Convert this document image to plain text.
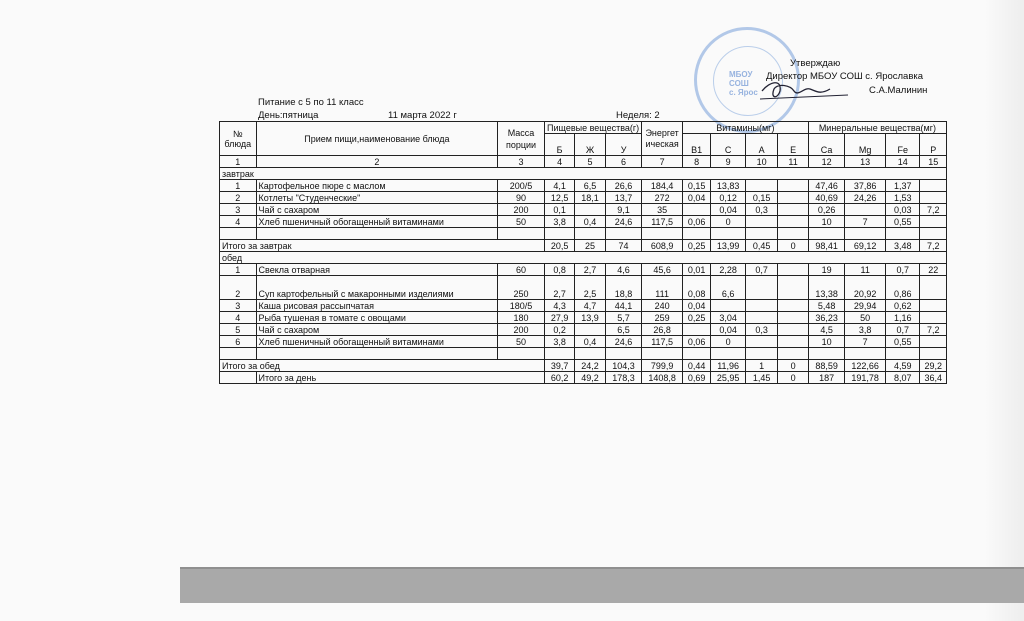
МБОУ
СОШ
с. Ярос
Утверждаю
Директор МБОУ СОШ с. Ярославка
С.А.Малинин
Питание с 5 по 11 класс
День:пятница	11 марта 2022 г	Неделя: 2
№ блюда	Прием пищи,наименование блюда	Масса порции	Пищевые вещества(г)			Энергетическая	Витамины(мг)				Минеральные вещества(мг)			
			Б	Ж	У		В1	С	А	Е	Са	Mg	Fe	P
1	2	3	4	5	6	7	8	9	10	11	12	13	14	15
завтрак														
1	Картофельное пюре с маслом	200/5	4,1	6,5	26,6	184,4	0,15	13,83			47,46	37,86	1,37	
2	Котлеты "Студенческие"	90	12,5	18,1	13,7	272	0,04	0,12	0,15		40,69	24,26	1,53	
3	Чай с сахаром	200	0,1		9,1	35		0,04	0,3		0,26		0,03	7,2
4	Хлеб пшеничный обогащенный витаминами	50	3,8	0,4	24,6	117,5	0,06	0			10	7	0,55	

Итого за завтрак			20,5	25	74	608,9	0,25	13,99	0,45	0	98,41	69,12	3,48	7,2
обед														
1	Свекла отварная	60	0,8	2,7	4,6	45,6	0,01	2,28	0,7		19	11	0,7	22
2	Суп картофельный с макаронными изделиями	250	2,7	2,5	18,8	111	0,08	6,6			13,38	20,92	0,86	
3	Каша рисовая рассыпчатая	180/5	4,3	4,7	44,1	240	0,04				5,48	29,94	0,62	
4	Рыба тушеная в томате с овощами	180	27,9	13,9	5,7	259	0,25	3,04			36,23	50	1,16	
5	Чай с сахаром	200	0,2		6,5	26,8		0,04	0,3		4,5	3,8	0,7	7,2
6	Хлеб пшеничный обогащенный витаминами	50	3,8	0,4	24,6	117,5	0,06	0			10	7	0,55	

Итого за обед			39,7	24,2	104,3	799,9	0,44	11,96	1	0	88,59	122,66	4,59	29,2
	Итого за день		60,2	49,2	178,3	1408,8	0,69	25,95	1,45	0	187	191,78	8,07	36,4
